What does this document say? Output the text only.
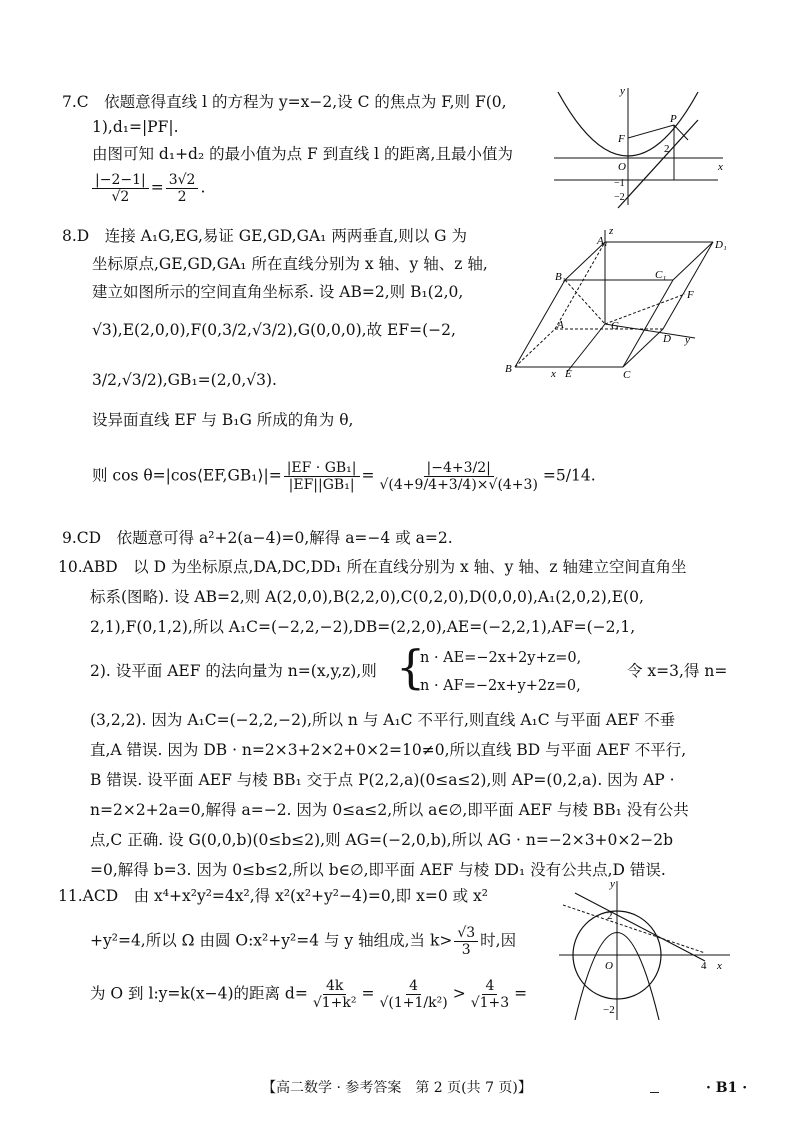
7.C　依题意得直线 l 的方程为 y=x−2,设 C 的焦点为 F,则 F(0,
1),d₁=|PF|.
由图可知 d₁+d₂ 的最小值为点 F 到直线 l 的距离,且最小值为
$\frac{|-2-1|}{√2} = \frac{3√2}{2}$ .
y
x
F
P
O
2
−1
−2
8.D　连接 A₁G,EG,易证 GE,GD,GA₁ 两两垂直,则以 G 为
坐标原点,GE,GD,GA₁ 所在直线分别为 x 轴、y 轴、z 轴,
建立如图所示的空间直角坐标系. 设 AB=2,则 B₁(2,0,
√3),E(2,0,0),F(0,3/2,√3/2),G(0,0,0),故 EF=(−2,
3/2,√3/2),GB₁=(2,0,√3).
设异面直线 EF 与 B₁G 所成的角为 θ,
则 cos θ=|cos⟨EF,GB₁⟩|= $\frac{\text{|EF · GB₁|}}{\text{|EF||GB₁|}} = \frac{|-4+3/2|}{√(4+9/4+3/4)\times√(4+3)} =5/14$.
A₁
z
D₁
B₁	C₁
F
A	G
D y
B	x E	C
9.CD　依题意可得 a²+2(a−4)=0,解得 a=−4 或 a=2.
10.ABD　以 D 为坐标原点,DA,DC,DD₁ 所在直线分别为 x 轴、y 轴、z 轴建立空间直角坐
标系(图略). 设 AB=2,则 A(2,0,0),B(2,2,0),C(0,2,0),D(0,0,0),A₁(2,0,2),E(0,
2,1),F(0,1,2),所以 A₁C=(−2,2,−2),DB=(2,2,0),AE=(−2,2,1),AF=(−2,1,
2). 设平面 AEF 的法向量为 n=(x,y,z),则 {
n · AE=−2x+2y+z=0,
n · AF=−2x+y+2z=0,
令 x=3,得 n=
(3,2,2). 因为 A₁C=(−2,2,−2),所以 n 与 A₁C 不平行,则直线 A₁C 与平面 AEF 不垂
直,A 错误. 因为 DB · n=2×3+2×2+0×2=10≠0,所以直线 BD 与平面 AEF 不平行,
B 错误. 设平面 AEF 与棱 BB₁ 交于点 P(2,2,a)(0≤a≤2),则 AP=(0,2,a). 因为 AP ·
n=2×2+2a=0,解得 a=−2. 因为 0≤a≤2,所以 a∈∅,即平面 AEF 与棱 BB₁ 没有公共
点,C 正确. 设 G(0,0,b)(0≤b≤2),则 AG=(−2,0,b),所以 AG · n=−2×3+0×2−2b
=0,解得 b=3. 因为 0≤b≤2,所以 b∈∅,即平面 AEF 与棱 DD₁ 没有公共点,D 错误.
11.ACD　由 x⁴+x²y²=4x²,得 x²(x²+y²−4)=0,即 x=0 或 x²
+y²=4,所以 Ω 由圆 O:x²+y²=4 与 y 轴组成,当 $k> \frac{√3}{3}$ 时,因
为 O 到 l:y=k(x−4)的距离 $d= \frac{4k}{\text{√1+k²}} = \frac{4}{\text{√(1+1/k²)}} > \frac{4}{√1+3}$ =
y
2
O	4 x
−2
【高二数学 · 参考答案　第 2 页(共 7 页)】	· B1 ·
